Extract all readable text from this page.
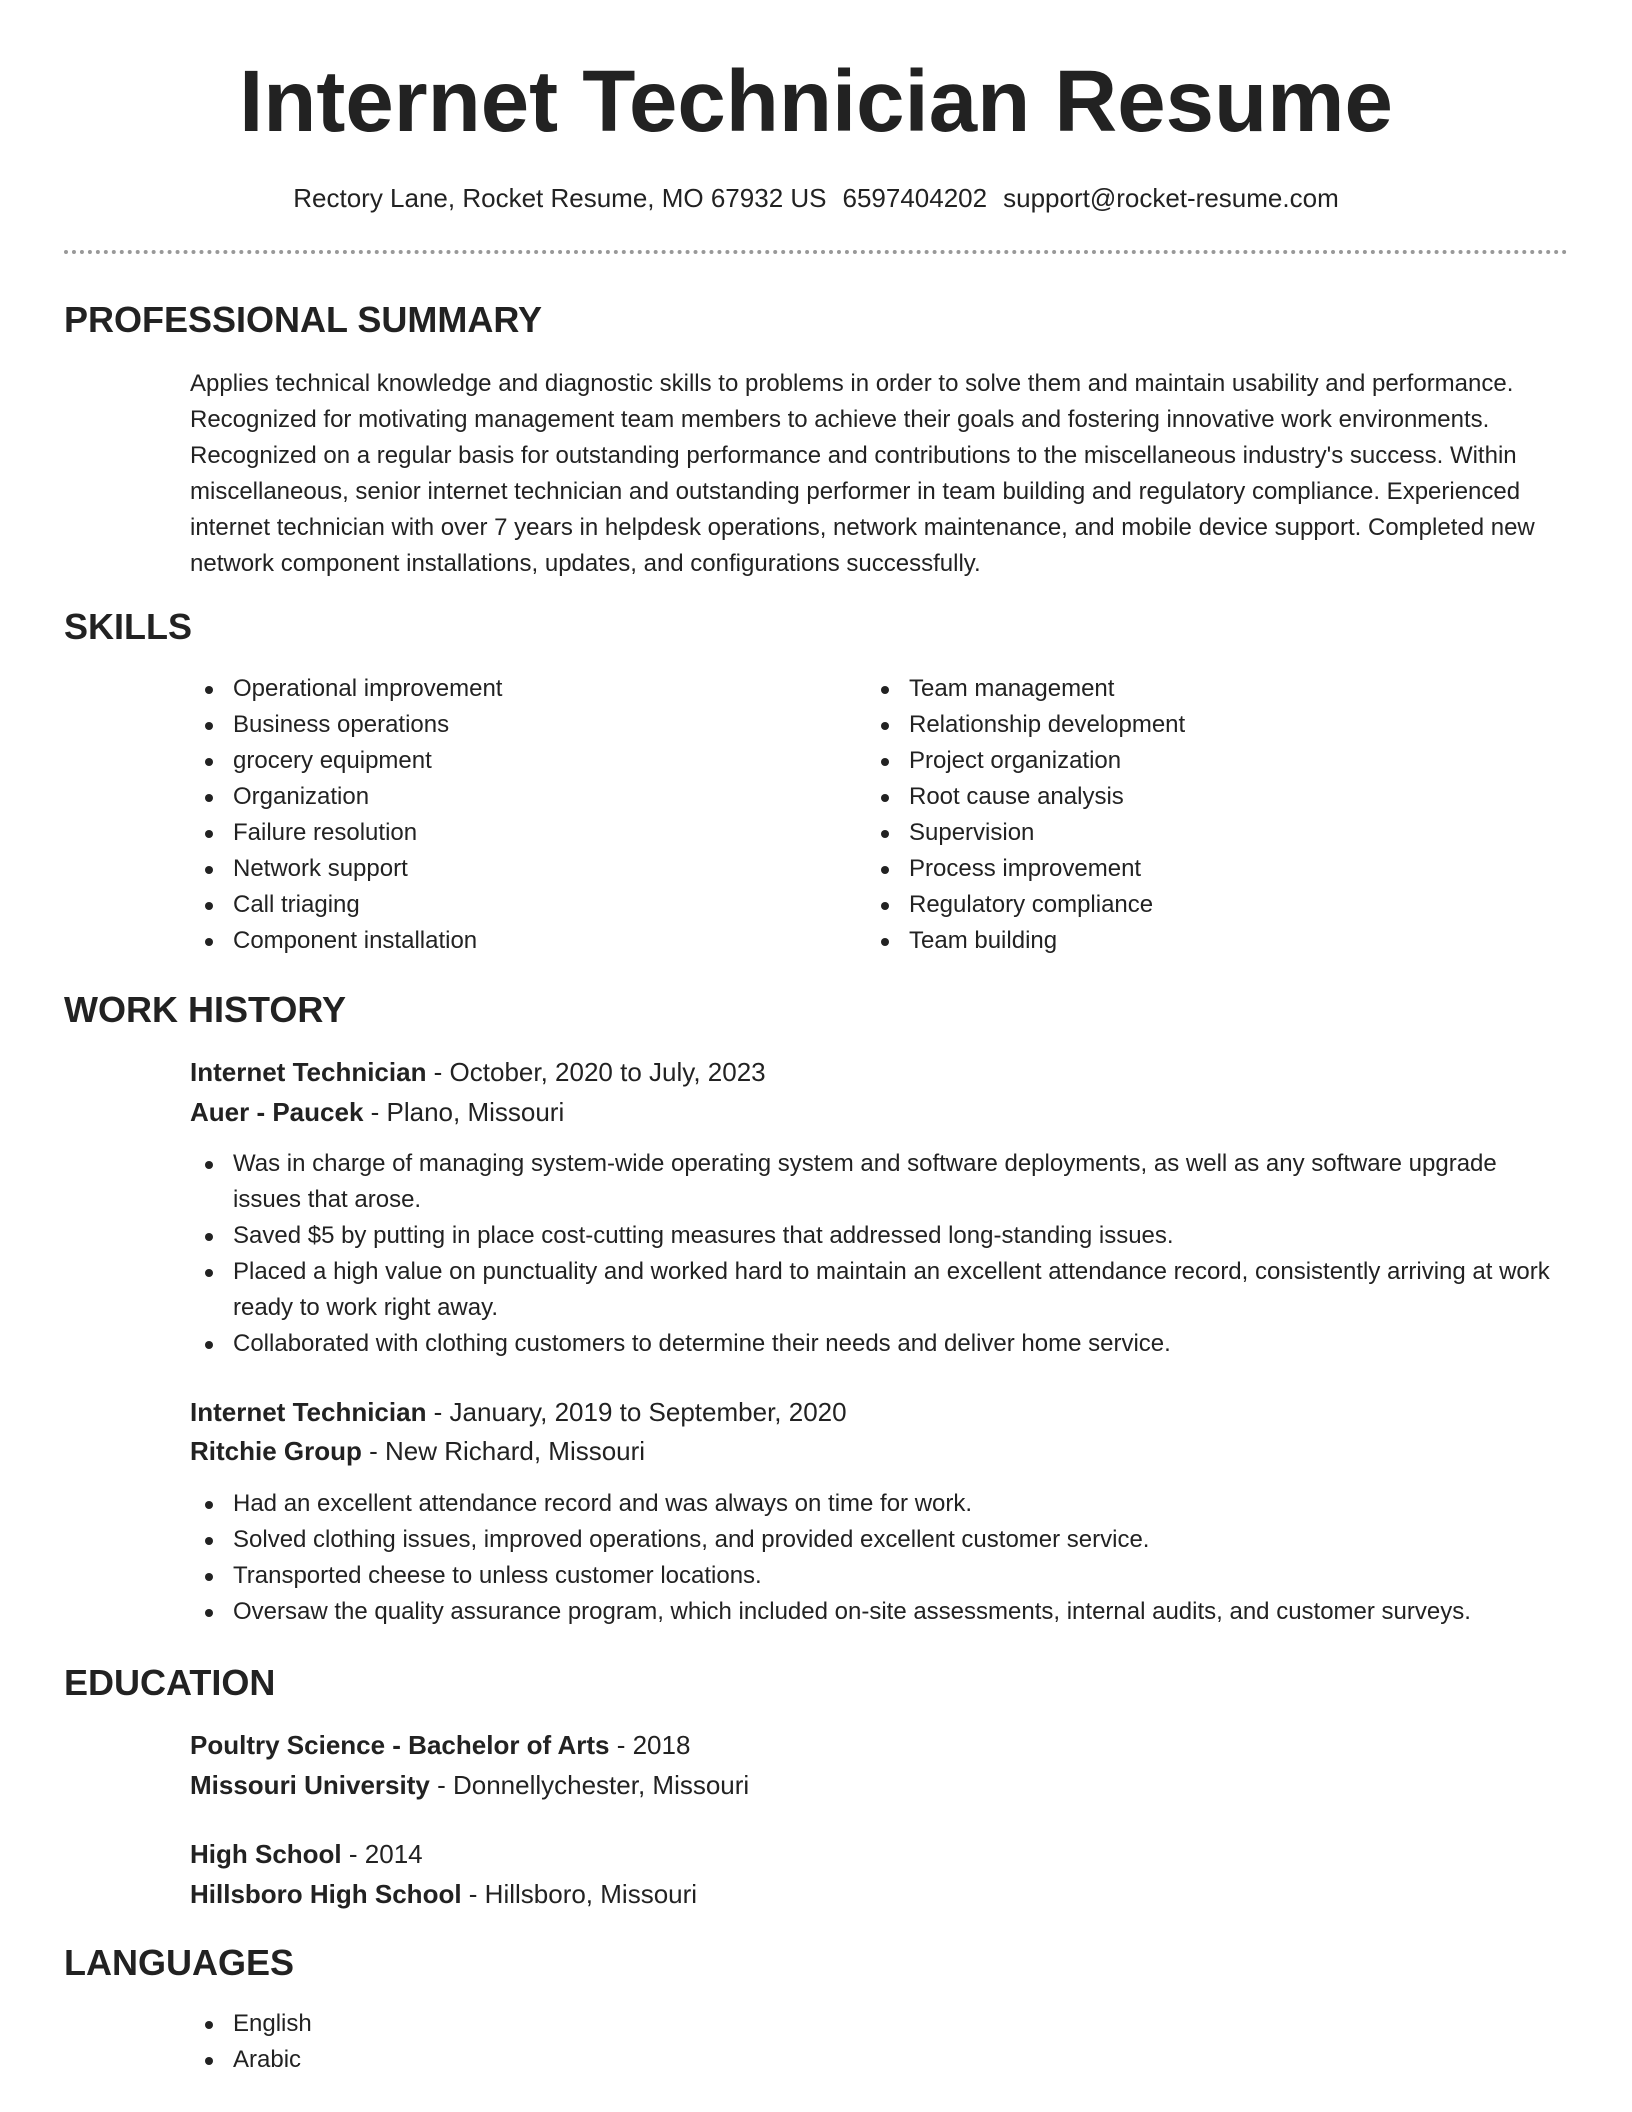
Internet Technician Resume
Rectory Lane, Rocket Resume, MO 67932 US 6597404202 support@rocket-resume.com
PROFESSIONAL SUMMARY

Applies technical knowledge and diagnostic skills to problems in order to solve them and maintain usability and performance. Recognized for motivating management team members to achieve their goals and fostering innovative work environments. Recognized on a regular basis for outstanding performance and contributions to the miscellaneous industry's success. Within miscellaneous, senior internet technician and outstanding performer in team building and regulatory compliance. Experienced internet technician with over 7 years in helpdesk operations, network maintenance, and mobile device support. Completed new network component installations, updates, and configurations successfully.

SKILLS
Operational improvement
Business operations
grocery equipment
Organization
Failure resolution
Network support
Call triaging
Component installation
Team management
Relationship development
Project organization
Root cause analysis
Supervision
Process improvement
Regulatory compliance
Team building
WORK HISTORY
Internet Technician - October, 2020 to July, 2023
Auer - Paucek - Plano, Missouri
Was in charge of managing system-wide operating system and software deployments, as well as any software upgrade issues that arose.
Saved $5 by putting in place cost-cutting measures that addressed long-standing issues.
Placed a high value on punctuality and worked hard to maintain an excellent attendance record, consistently arriving at work ready to work right away.
Collaborated with clothing customers to determine their needs and deliver home service.
Internet Technician - January, 2019 to September, 2020
Ritchie Group - New Richard, Missouri
Had an excellent attendance record and was always on time for work.
Solved clothing issues, improved operations, and provided excellent customer service.
Transported cheese to unless customer locations.
Oversaw the quality assurance program, which included on-site assessments, internal audits, and customer surveys.
EDUCATION
Poultry Science - Bachelor of Arts - 2018
Missouri University - Donnellychester, Missouri
High School - 2014
Hillsboro High School - Hillsboro, Missouri
LANGUAGES
English
Arabic
